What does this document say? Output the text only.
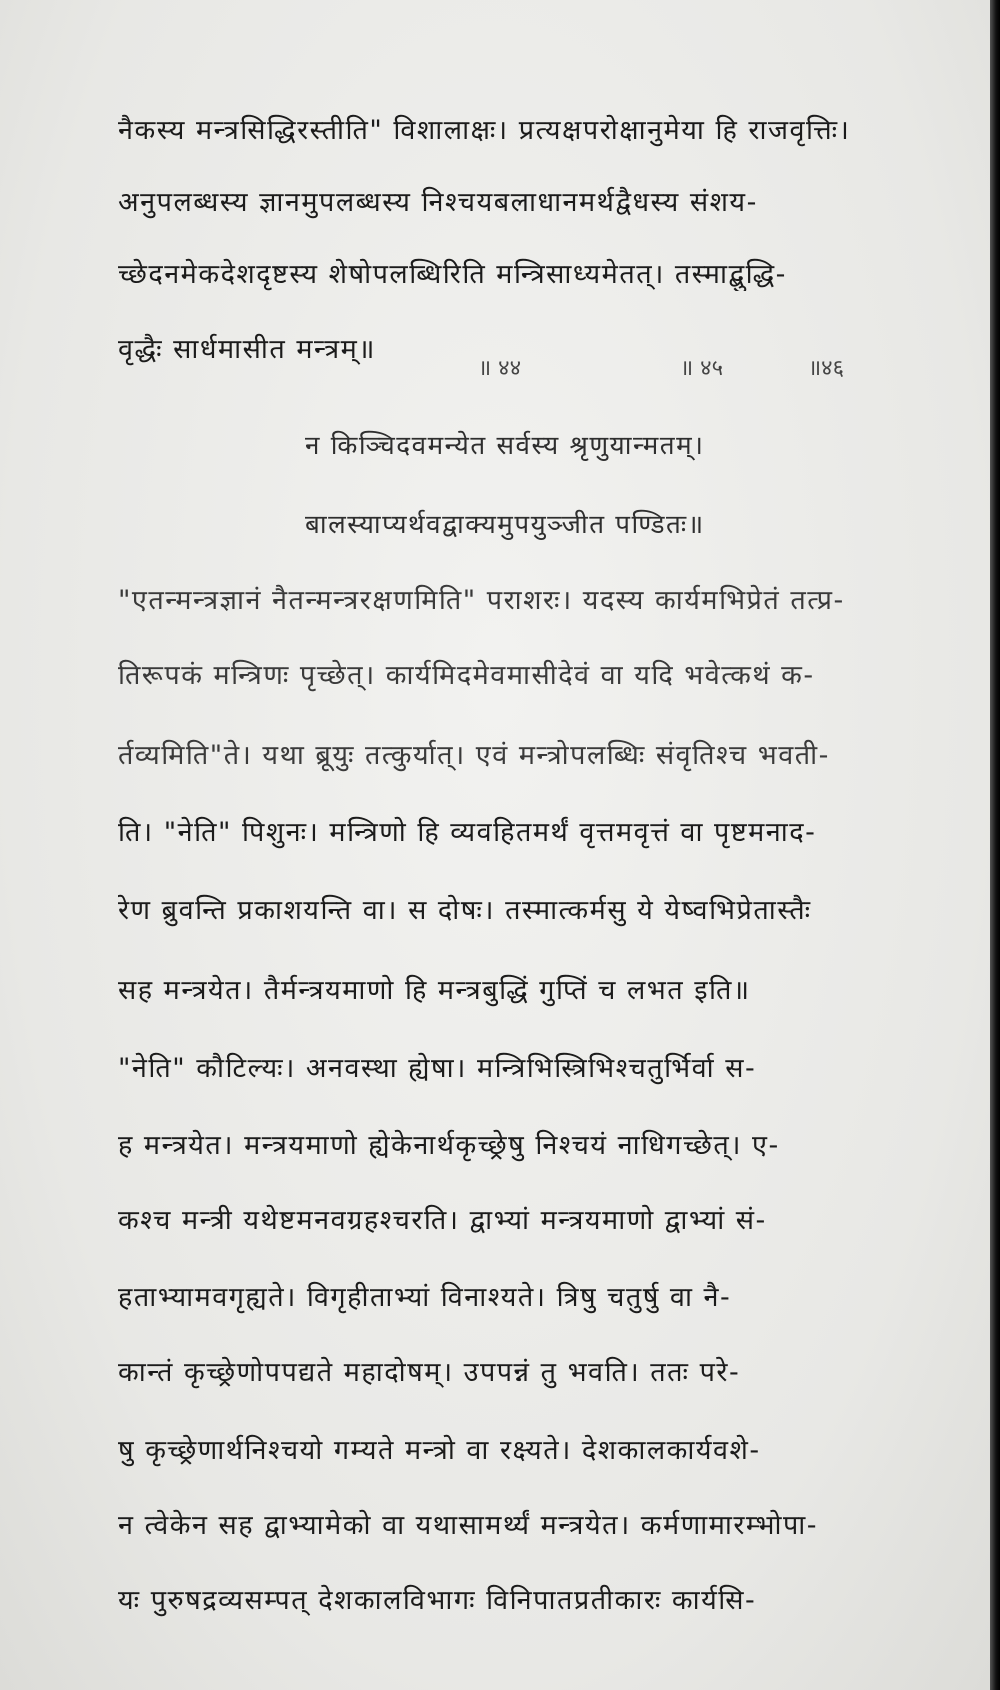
नैकस्य मन्त्रसिद्धिरस्तीति" विशालाक्षः। प्रत्यक्षपरोक्षानुमेया हि राजवृत्तिः।
अनुपलब्धस्य ज्ञानमुपलब्धस्य निश्चयबलाधानमर्थद्वैधस्य संशय-
च्छेदनमेकदेशदृष्टस्य शेषोपलब्धिरिति मन्त्रिसाध्यमेतत्। तस्माद्बुद्धि-
वृद्धैः सार्धमासीत मन्त्रम्॥
॥ ४४	॥ ४५	॥४६
न किञ्चिदवमन्येत सर्वस्य श्रृणुयान्मतम्।
बालस्याप्यर्थवद्वाक्यमुपयुञ्जीत पण्डितः॥
"एतन्मन्त्रज्ञानं नैतन्मन्त्ररक्षणमिति" पराशरः। यदस्य कार्यमभिप्रेतं तत्प्र-
तिरूपकं मन्त्रिणः पृच्छेत्। कार्यमिदमेवमासीदेवं वा यदि भवेत्कथं क-
र्तव्यमिति"ते। यथा ब्रूयुः तत्कुर्यात्। एवं मन्त्रोपलब्धिः संवृतिश्च भवती-
ति। "नेति" पिशुनः। मन्त्रिणो हि व्यवहितमर्थं वृत्तमवृत्तं वा पृष्टमनाद-
रेण ब्रुवन्ति प्रकाशयन्ति वा। स दोषः। तस्मात्कर्मसु ये येष्वभिप्रेतास्तैः
सह मन्त्रयेत। तैर्मन्त्रयमाणो हि मन्त्रबुद्धिं गुप्तिं च लभत इति॥
"नेति" कौटिल्यः। अनवस्था ह्येषा। मन्त्रिभिस्त्रिभिश्चतुर्भिर्वा स-
ह मन्त्रयेत। मन्त्रयमाणो ह्येकेनार्थकृच्छ्रेषु निश्चयं नाधिगच्छेत्। ए-
कश्च मन्त्री यथेष्टमनवग्रहश्चरति। द्वाभ्यां मन्त्रयमाणो द्वाभ्यां सं-
हताभ्यामवगृह्यते। विगृहीताभ्यां विनाश्यते। त्रिषु चतुर्षु वा नै-
कान्तं कृच्छ्रेणोपपद्यते महादोषम्। उपपन्नं तु भवति। ततः परे-
षु कृच्छ्रेणार्थनिश्चयो गम्यते मन्त्रो वा रक्ष्यते। देशकालकार्यवशे-
न त्वेकेन सह द्वाभ्यामेको वा यथासामर्थ्यं मन्त्रयेत। कर्मणामारम्भोपा-
यः पुरुषद्रव्यसम्पत् देशकालविभागः विनिपातप्रतीकारः कार्यसि-
